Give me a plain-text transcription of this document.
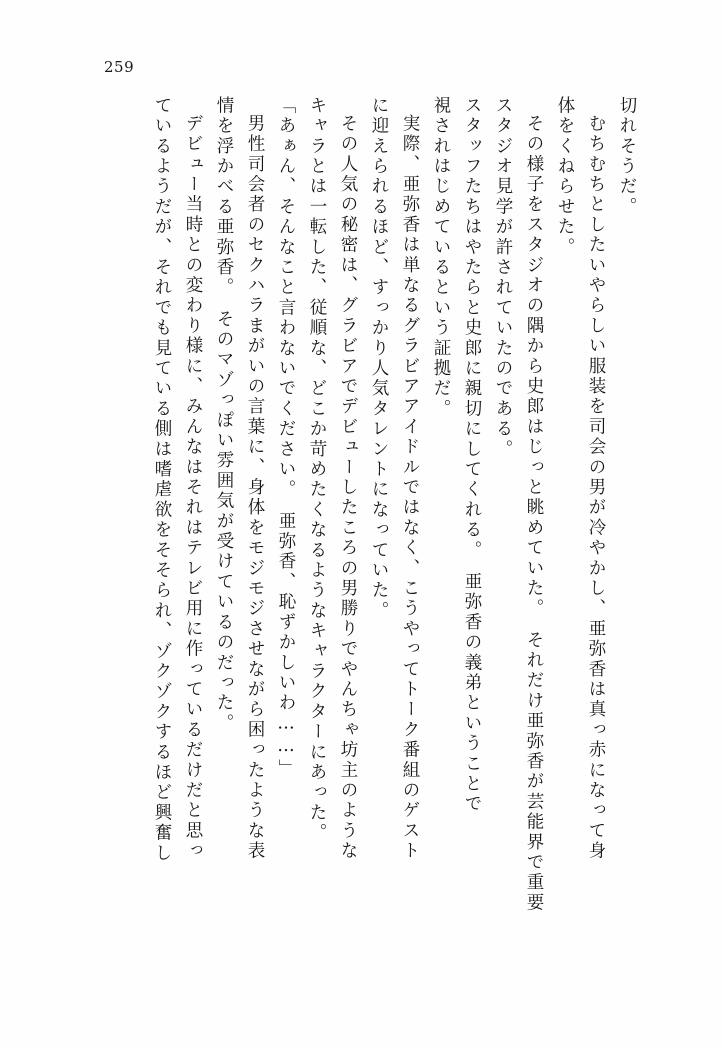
259
切れそうだ。
むちむちとしたいやらしい服装を司会の男が冷やかし、亜弥香は真っ赤になって身
体をくねらせた。
その様子をスタジオの隅から史郎はじっと眺めていた。　それだけ亜弥香が芸能界で重要
スタジオ見学が許されていたのである。
スタッフたちはやたらと史郎に親切にしてくれる。　亜弥香の義弟ということで
視されはじめているという証拠だ。
実際、亜弥香は単なるグラビアアイドルではなく、こうやってトーク番組のゲスト
に迎えられるほど、すっかり人気タレントになっていた。
その人気の秘密は、グラビアでデビューしたころの男勝りでやんちゃ坊主のような
キャラとは一転した、従順な、どこか苛めたくなるようなキャラクターにあった。
「あぁん、そんなこと言わないでください。　亜弥香、恥ずかしいわ……」
男性司会者のセクハラまがいの言葉に、身体をモジモジさせながら困ったような表
情を浮かべる亜弥香。　そのマゾっぽい雰囲気が受けているのだった。
デビュー当時との変わり様に、みんなはそれはテレビ用に作っているだけだと思っ
ているようだが、それでも見ている側は嗜虐欲をそそられ、ゾクゾクするほど興奮し
